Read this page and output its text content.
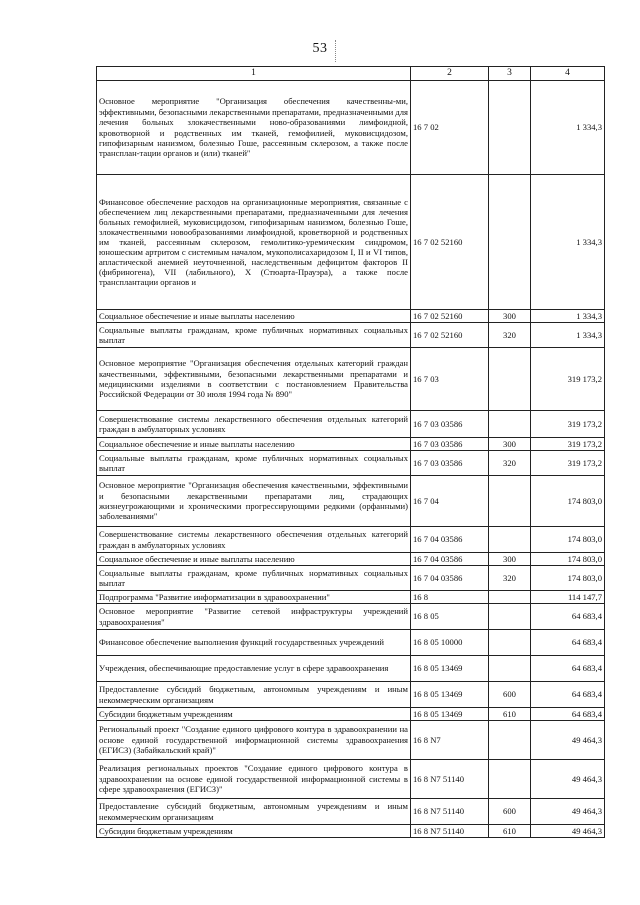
53
1	2	3	4
Основное мероприятие "Организация обеспечения качественны-ми, эффективными, безопасными лекарственными препаратами, предназначенными для лечения больных злокачественными ново-образованиями лимфоидной, кровотворной и родственных им тканей, гемофилией, муковисцидозом, гипофизарным нанизмом, болезнью Гоше, рассеянным склерозом, а также после трансплан-тации органов и (или) тканей"	16 7 02		1 334,3
Финансовое обеспечение расходов на организационные мероприятия, связанные с обеспечением лиц лекарственными препаратами, предназначенными для лечения больных гемофилией, муковисцидозом, гипофизарным нанизмом, болезнью Гоше, злокачественными новообразованиями лимфоидной, кроветворной и родственных им тканей, рассеянным склерозом, гемолитико-уремическим синдромом, юношеским артритом с системным началом, мукополисахаридозом I, II и VI типов, апластической анемией неуточненной, наследственным дефицитом факторов II (фибриногена), VII (лабильного), X (Стюарта-Прауэра), а также после трансплантации органов и	16 7 02 52160		1 334,3
Социальное обеспечение и иные выплаты населению	16 7 02 52160	300	1 334,3
Социальные выплаты гражданам, кроме публичных нормативных социальных выплат	16 7 02 52160	320	1 334,3
Основное мероприятие "Организация обеспечения отдельных категорий граждан качественными, эффективными, безопасными лекарственными препаратами и медицинскими изделиями в соответствии с постановлением Правительства Российской Федерации от 30 июля 1994 года № 890"	16 7 03		319 173,2
Совершенствование системы лекарственного обеспечения отдельных категорий граждан в амбулаторных условиях	16 7 03 03586		319 173,2
Социальное обеспечение и иные выплаты населению	16 7 03 03586	300	319 173,2
Социальные выплаты гражданам, кроме публичных нормативных социальных выплат	16 7 03 03586	320	319 173,2
Основное мероприятие "Организация обеспечения качественными, эффективными и безопасными лекарственными препаратами лиц, страдающих жизнеугрожающими и хроническими прогрессирующими редкими (орфанными) заболеваниями"	16 7 04		174 803,0
Совершенствование системы лекарственного обеспечения отдельных категорий граждан в амбулаторных условиях	16 7 04 03586		174 803,0
Социальное обеспечение и иные выплаты населению	16 7 04 03586	300	174 803,0
Социальные выплаты гражданам, кроме публичных нормативных социальных выплат	16 7 04 03586	320	174 803,0
Подпрограмма "Развитие информатизации в здравоохранении"	16 8		114 147,7
Основное мероприятие "Развитие сетевой инфраструктуры учреждений здравоохранения"	16 8 05		64 683,4
Финансовое обеспечение выполнения функций государственных учреждений	16 8 05 10000		64 683,4
Учреждения, обеспечивающие предоставление услуг в сфере здравоохранения	16 8 05 13469		64 683,4
Предоставление субсидий бюджетным, автономным учреждениям и иным некоммерческим организациям	16 8 05 13469	600	64 683,4
Субсидии бюджетным учреждениям	16 8 05 13469	610	64 683,4
Региональный проект "Создание единого цифрового контура в здравоохранении на основе единой государственной информационной системы здравоохранения (ЕГИСЗ) (Забайкальский край)"	16 8 N7		49 464,3
Реализация региональных проектов "Создание единого цифрового контура в здравоохранении на основе единой государственной информационной системы в сфере здравоохранения (ЕГИСЗ)"	16 8 N7 51140		49 464,3
Предоставление субсидий бюджетным, автономным учреждениям и иным некоммерческим организациям	16 8 N7 51140	600	49 464,3
Субсидии бюджетным учреждениям	16 8 N7 51140	610	49 464,3
